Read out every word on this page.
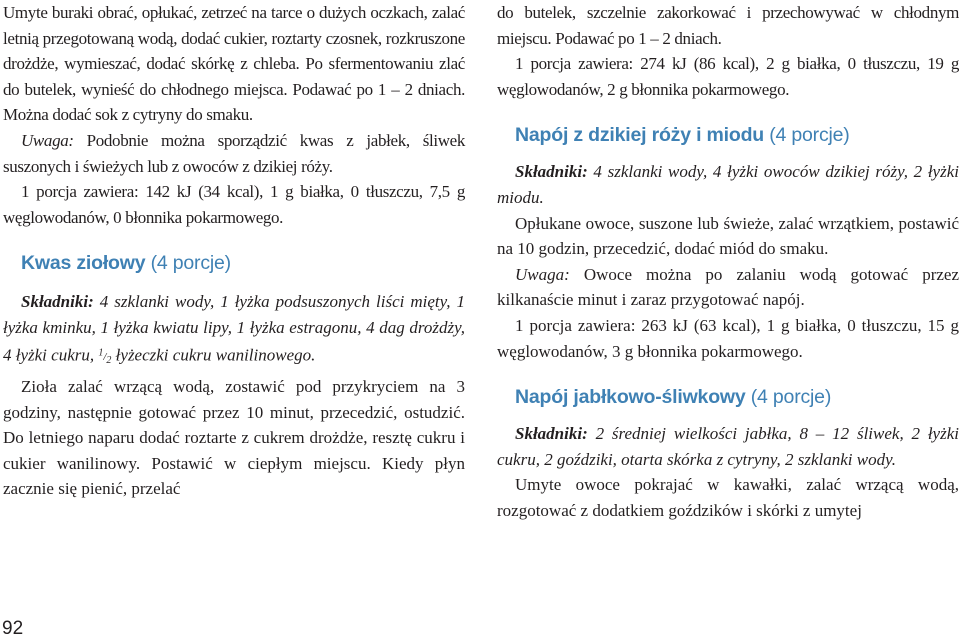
Umyte buraki obrać, opłukać, zetrzeć na tarce o dużych oczkach, zalać letnią przegotowaną wodą, dodać cukier, roztarty czosnek, rozkruszone drożdże, wymieszać, dodać skórkę z chleba. Po sfermentowaniu zlać do butelek, wynieść do chłodnego miejsca. Podawać po 1 – 2 dniach. Można dodać sok z cytryny do smaku.

Uwaga: Podobnie można sporządzić kwas z jabłek, śliwek suszonych i świeżych lub z owoców z dzikiej róży.

1 porcja zawiera: 142 kJ (34 kcal), 1 g białka, 0 tłuszczu, 7,5 g węglowodanów, 0 błonnika pokarmowego.

Kwas ziołowy (4 porcje)

Składniki: 4 szklanki wody, 1 łyżka podsuszonych liści mięty, 1 łyżka kminku, 1 łyżka kwiatu lipy, 1 łyżka estragonu, 4 dag drożdży, 4 łyżki cukru, $^1/_2$ łyżeczki cukru wanilinowego.

Zioła zalać wrzącą wodą, zostawić pod przykryciem na 3 godziny, następnie gotować przez 10 minut, przecedzić, ostudzić. Do letniego naparu dodać roztarte z cukrem drożdże, resztę cukru i cukier wanilinowy. Postawić w ciepłym miejscu. Kiedy płyn zacznie się pienić, przelać

do butelek, szczelnie zakorkować i przechowywać w chłodnym miejscu. Podawać po 1 – 2 dniach.

1 porcja zawiera: 274 kJ (86 kcal), 2 g białka, 0 tłuszczu, 19 g węglowodanów, 2 g błonnika pokarmowego.

Napój z dzikiej róży i miodu (4 porcje)

Składniki: 4 szklanki wody, 4 łyżki owoców dzikiej róży, 2 łyżki miodu.

Opłukane owoce, suszone lub świeże, zalać wrzątkiem, postawić na 10 godzin, przecedzić, dodać miód do smaku.

Uwaga: Owoce można po zalaniu wodą gotować przez kilkanaście minut i zaraz przygotować napój.

1 porcja zawiera: 263 kJ (63 kcal), 1 g białka, 0 tłuszczu, 15 g węglowodanów, 3 g błonnika pokarmowego.

Napój jabłkowo-śliwkowy (4 porcje)

Składniki: 2 średniej wielkości jabłka, 8 – 12 śliwek, 2 łyżki cukru, 2 goździki, otarta skórka z cytryny, 2 szklanki wody.

Umyte owoce pokrajać w kawałki, zalać wrzącą wodą, rozgotować z dodatkiem goździków i skórki z umytej

92
